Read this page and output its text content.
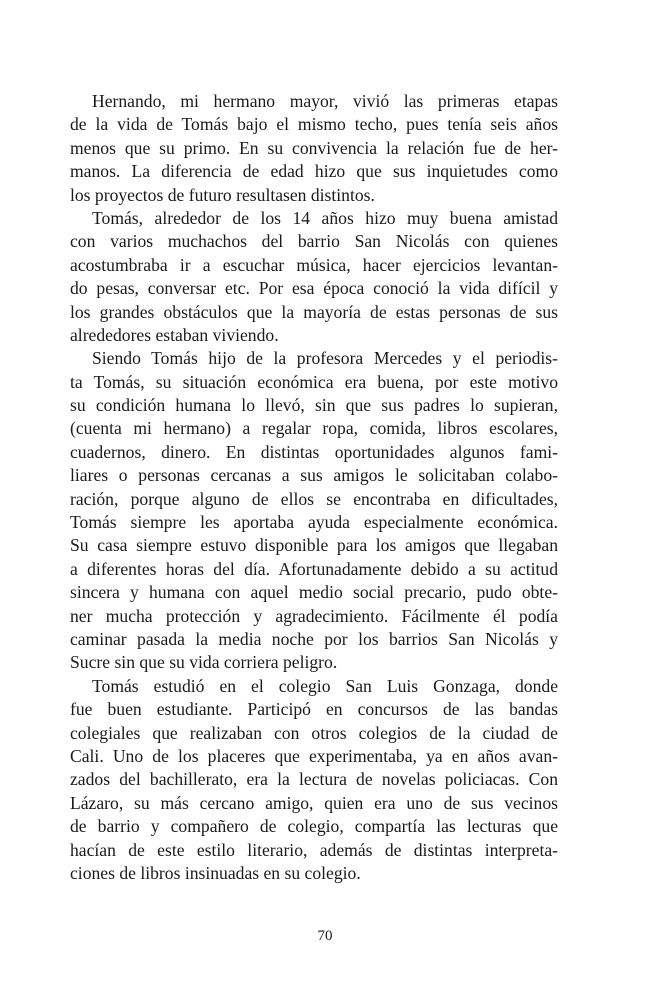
Hernando, mi hermano mayor, vivió las primeras etapas
de la vida de Tomás bajo el mismo techo, pues tenía seis años
menos que su primo. En su convivencia la relación fue de her-
manos. La diferencia de edad hizo que sus inquietudes como
los proyectos de futuro resultasen distintos.
Tomás, alrededor de los 14 años hizo muy buena amistad
con varios muchachos del barrio San Nicolás con quienes
acostumbraba ir a escuchar música, hacer ejercicios levantan-
do pesas, conversar etc. Por esa época conoció la vida difícil y
los grandes obstáculos que la mayoría de estas personas de sus
alrededores estaban viviendo.
Siendo Tomás hijo de la profesora Mercedes y el periodis-
ta Tomás, su situación económica era buena, por este motivo
su condición humana lo llevó, sin que sus padres lo supieran,
(cuenta mi hermano) a regalar ropa, comida, libros escolares,
cuadernos, dinero. En distintas oportunidades algunos fami-
liares o personas cercanas a sus amigos le solicitaban colabo-
ración, porque alguno de ellos se encontraba en dificultades,
Tomás siempre les aportaba ayuda especialmente económica.
Su casa siempre estuvo disponible para los amigos que llegaban
a diferentes horas del día. Afortunadamente debido a su actitud
sincera y humana con aquel medio social precario, pudo obte-
ner mucha protección y agradecimiento. Fácilmente él podía
caminar pasada la media noche por los barrios San Nicolás y
Sucre sin que su vida corriera peligro.
Tomás estudió en el colegio San Luis Gonzaga, donde
fue buen estudiante. Participó en concursos de las bandas
colegiales que realizaban con otros colegios de la ciudad de
Cali. Uno de los placeres que experimentaba, ya en años avan-
zados del bachillerato, era la lectura de novelas policiacas. Con
Lázaro, su más cercano amigo, quien era uno de sus vecinos
de barrio y compañero de colegio, compartía las lecturas que
hacían de este estilo literario, además de distintas interpreta-
ciones de libros insinuadas en su colegio.
70
